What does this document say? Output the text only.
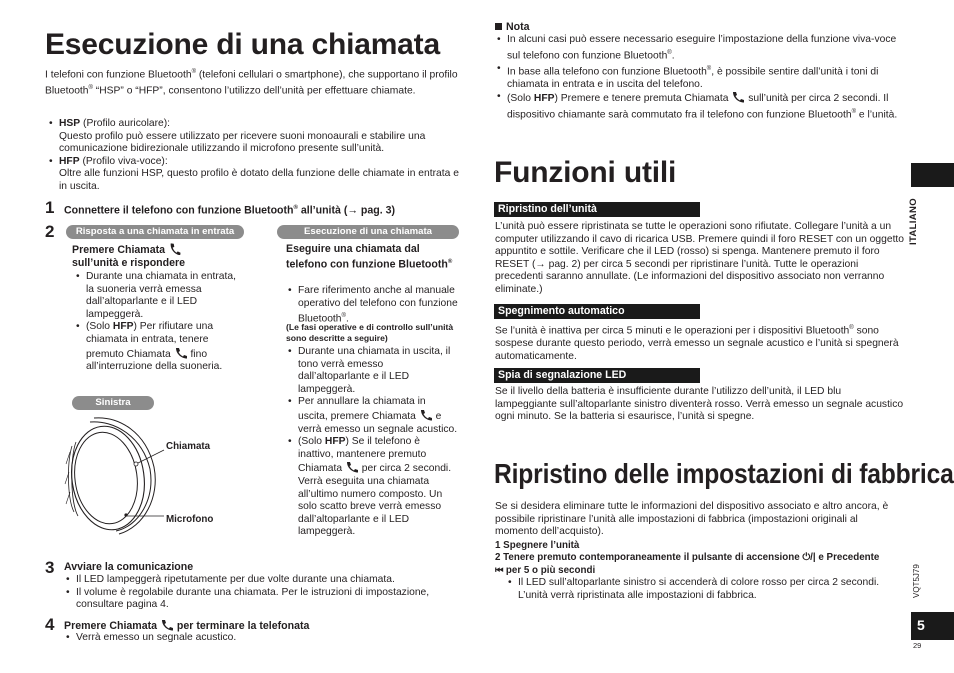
Esecuzione di una chiamata

I telefoni con funzione Bluetooth® (telefoni cellulari o smartphone), che supportano il profilo Bluetooth® “HSP” o “HFP”, consentono l’utilizzo dell’unità per effettuare chiamate.

• HSP (Profilo auricolare):
Questo profilo può essere utilizzato per ricevere suoni monoaurali e stabilire una comunicazione bidirezionale utilizzando il microfono presente sull’unità.
• HFP (Profilo viva-voce):
Oltre alle funzioni HSP, questo profilo è dotato della funzione delle chiamate in entrata e in uscita.
1 Connettere il telefono con funzione Bluetooth® all’unità (→ pag. 3)
2	Risposta a una chiamata in entrata
Premere Chiamata
sull’unità e rispondere
• Durante una chiamata in entrata, la suoneria verrà emessa dall’altoparlante e il LED lampeggerà.
• (Solo HFP) Per rifiutare una chiamata in entrata, tenere premuto Chiamata  fino all’interruzione della suoneria.
Sinistra
Chiamata
Microfono
Esecuzione di una chiamata
Eseguire una chiamata dal telefono con funzione Bluetooth®
• Fare riferimento anche al manuale operativo del telefono con funzione Bluetooth®.
(Le fasi operative e di controllo sull’unità sono descritte a seguire)
• Durante una chiamata in uscita, il tono verrà emesso dall’altoparlante e il LED lampeggerà.
• Per annullare la chiamata in uscita, premere Chiamata  e verrà emesso un segnale acustico.
• (Solo HFP) Se il telefono è inattivo, mantenere premuto Chiamata  per circa 2 secondi. Verrà eseguita una chiamata all’ultimo numero composto. Un solo scatto breve verrà emesso dall’altoparlante e il LED lampeggerà.
3 Avviare la comunicazione
• Il LED lampeggerà ripetutamente per due volte durante una chiamata.
• Il volume è regolabile durante una chiamata. Per le istruzioni di impostazione, consultare pagina 4.
4 Premere Chiamata  per terminare la telefonata
• Verrà emesso un segnale acustico.
Nota
• In alcuni casi può essere necessario eseguire l’impostazione della funzione viva-voce sul telefono con funzione Bluetooth®.
• In base alla telefono con funzione Bluetooth®, è possibile sentire dall’unità i toni di chiamata in entrata e in uscita del telefono.
• (Solo HFP) Premere e tenere premuta Chiamata  sull’unità per circa 2 secondi. Il dispositivo chiamante sarà commutato fra il telefono con funzione Bluetooth® e l’unità.
Funzioni utili
Ripristino dell’unità

L’unità può essere ripristinata se tutte le operazioni sono rifiutate. Collegare l’unità a un computer utilizzando il cavo di ricarica USB. Premere quindi il foro RESET con un oggetto appuntito e sottile. Verificare che il LED (rosso) si spenga. Mantenere premuto il foro RESET (→ pag. 2) per circa 5 secondi per ripristinare l’unità. Tutte le operazioni precedenti saranno annullate. (Le informazioni del dispositivo associato non verranno eliminate.)

Spegnimento automatico

Se l’unità è inattiva per circa 5 minuti e le operazioni per i dispositivi Bluetooth® sono sospese durante questo periodo, verrà emesso un segnale acustico e l’unità si spegnerà automaticamente.

Spia di segnalazione LED

Se il livello della batteria è insufficiente durante l’utilizzo dell’unità, il LED blu lampeggiante sull’altoparlante sinistro diventerà rosso. Verrà emesso un segnale acustico ogni minuto. Se la batteria si esaurisce, l’unità si spegne.

Ripristino delle impostazioni di fabbrica

Se si desidera eliminare tutte le informazioni del dispositivo associato e altro ancora, è possibile ripristinare l’unità alle impostazioni di fabbrica (impostazioni originali al momento dell’acquisto).

1 Spegnere l’unità
2 Tenere premuto contemporaneamente il pulsante di accensione ⏻/| e Precedente ⏮ per 5 o più secondi
• Il LED sull’altoparlante sinistro si accenderà di colore rosso per circa 2 secondi. L’unità verrà ripristinata alle impostazioni di fabbrica.
ITALIANO
VQT5J79
5
29
